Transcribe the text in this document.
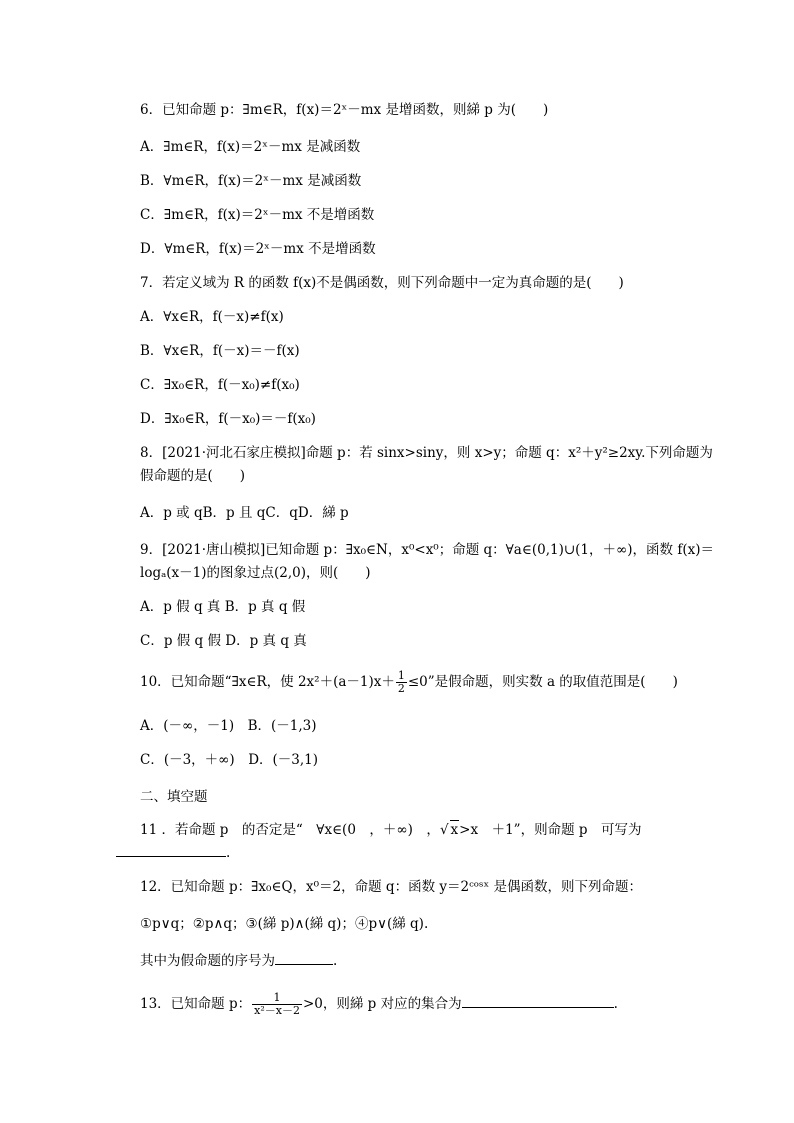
6．已知命题 p：∃m∈R，f(x)＝2ˣ－mx 是增函数，则綈 p 为(　　)
A．∃m∈R，f(x)＝2ˣ－mx 是减函数
B．∀m∈R，f(x)＝2ˣ－mx 是减函数
C．∃m∈R，f(x)＝2ˣ－mx 不是增函数
D．∀m∈R，f(x)＝2ˣ－mx 不是增函数
7．若定义域为 R 的函数 f(x)不是偶函数，则下列命题中一定为真命题的是(　　)
A．∀x∈R，f(－x)≠f(x)
B．∀x∈R，f(－x)＝－f(x)
C．∃x₀∈R，f(－x₀)≠f(x₀)
D．∃x₀∈R，f(－x₀)＝－f(x₀)
8．[2021·河北石家庄模拟]命题 p：若 sinx>siny，则 x>y；命题 q：x²＋y²≥2xy.下列命题为
假命题的是(　　)
A．p 或 qB．p 且 qC．qD．綈 p
9．[2021·唐山模拟]已知命题 p：∃x₀∈N，x⁰<x⁰；命题 q：∀a∈(0,1)∪(1，＋∞)，函数 f(x)＝
logₐ(x－1)的图象过点(2,0)，则(　　)
A．p 假 q 真 B．p 真 q 假
C．p 假 q 假 D．p 真 q 真
10．已知命题“∃x∈R，使 $2x^2+(a-1)x+ \frac{1}{2} \le 0$”是假命题，则实数 a 的取值范围是(　　)
A．(－∞，－1)　B．(－1,3)
C．(－3，＋∞)　D．(－3,1)
二、填空题
11 ．若命题 p　的否定是“　∀x∈(0　，＋∞)　，√ x>x　＋1”，则命题 p　可写为
.
12．已知命题 p：∃x₀∈Q，x⁰＝2，命题 q：函数 y＝2ᶜᵒˢˣ 是偶函数，则下列命题：
①p∨q；②p∧q；③(綈 p)∧(綈 q)；④p∨(綈 q).
其中为假命题的序号为	.
13．已知命题 p： $\frac{1}{\text{x²－x－2}} >0$，则綈 p 对应的集合为	.
